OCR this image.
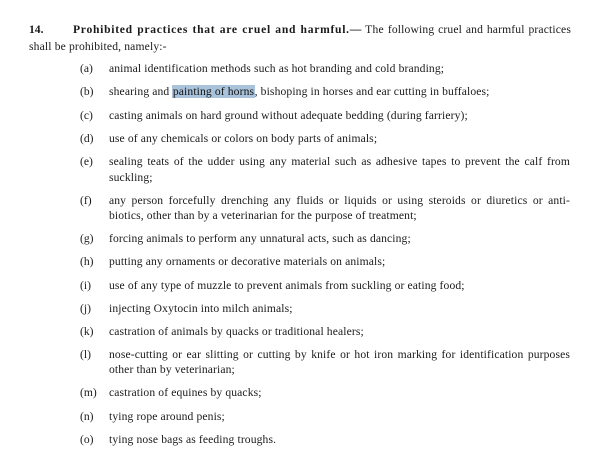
14.	Prohibited practices that are cruel and harmful.— The following cruel and harmful practices shall be prohibited, namely:-

(a)	animal identification methods such as hot branding and cold branding;
(b)	shearing and painting of horns, bishoping in horses and ear cutting in buffaloes;
(c)	casting animals on hard ground without adequate bedding (during farriery);
(d)	use of any chemicals or colors on body parts of animals;
(e)	sealing teats of the udder using any material such as adhesive tapes to prevent the calf from suckling;
(f)	any person forcefully drenching any fluids or liquids or using steroids or diuretics or anti-biotics, other than by a veterinarian for the purpose of treatment;
(g)	forcing animals to perform any unnatural acts, such as dancing;
(h)	putting any ornaments or decorative materials on animals;
(i)	use of any type of muzzle to prevent animals from suckling or eating food;
(j)	injecting Oxytocin into milch animals;
(k)	castration of animals by quacks or traditional healers;
(l)	nose-cutting or ear slitting or cutting by knife or hot iron marking for identification purposes other than by veterinarian;
(m)	castration of equines by quacks;
(n)	tying rope around penis;
(o)	tying nose bags as feeding troughs.
